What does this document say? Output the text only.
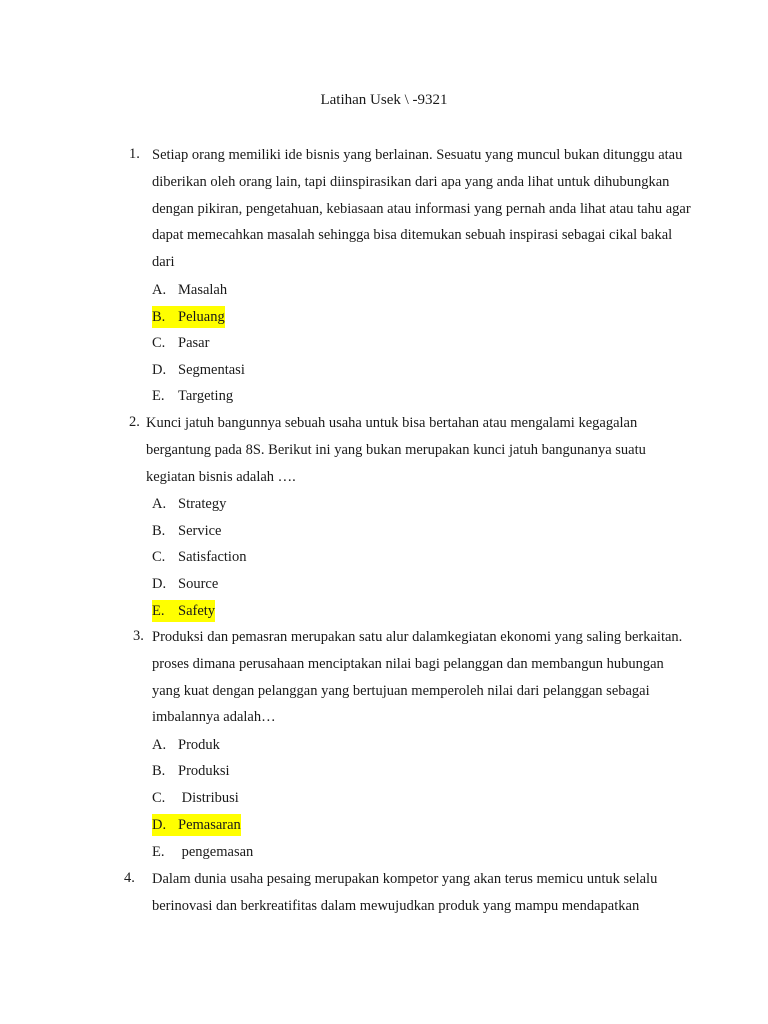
Latihan Usek \ -9321
1. Setiap orang memiliki ide bisnis yang berlainan. Sesuatu yang muncul bukan ditunggu atau diberikan oleh orang lain, tapi diinspirasikan dari apa yang anda lihat untuk dihubungkan dengan pikiran, pengetahuan, kebiasaan atau informasi yang pernah anda lihat atau tahu agar dapat memecahkan masalah sehingga bisa ditemukan sebuah inspirasi sebagai cikal bakal dari
A. Masalah
B. Peluang
C. Pasar
D. Segmentasi
E. Targeting
2. Kunci jatuh bangunnya sebuah usaha untuk bisa bertahan atau mengalami kegagalan bergantung pada 8S. Berikut ini yang bukan merupakan kunci jatuh bangunanya suatu kegiatan bisnis adalah ….
A. Strategy
B. Service
C. Satisfaction
D. Source
E. Safety
3. Produksi dan pemasran merupakan satu alur dalamkegiatan ekonomi yang saling berkaitan. proses dimana perusahaan menciptakan nilai bagi pelanggan dan membangun hubungan yang kuat dengan pelanggan yang bertujuan memperoleh nilai dari pelanggan sebagai imbalannya adalah…
A. Produk
B. Produksi
C. Distribusi
D. Pemasaran
E. pengemasan
4. Dalam dunia usaha pesaing merupakan kompetor yang akan terus memicu untuk selalu berinovasi dan berkreatifitas dalam mewujudkan produk yang mampu mendapatkan
